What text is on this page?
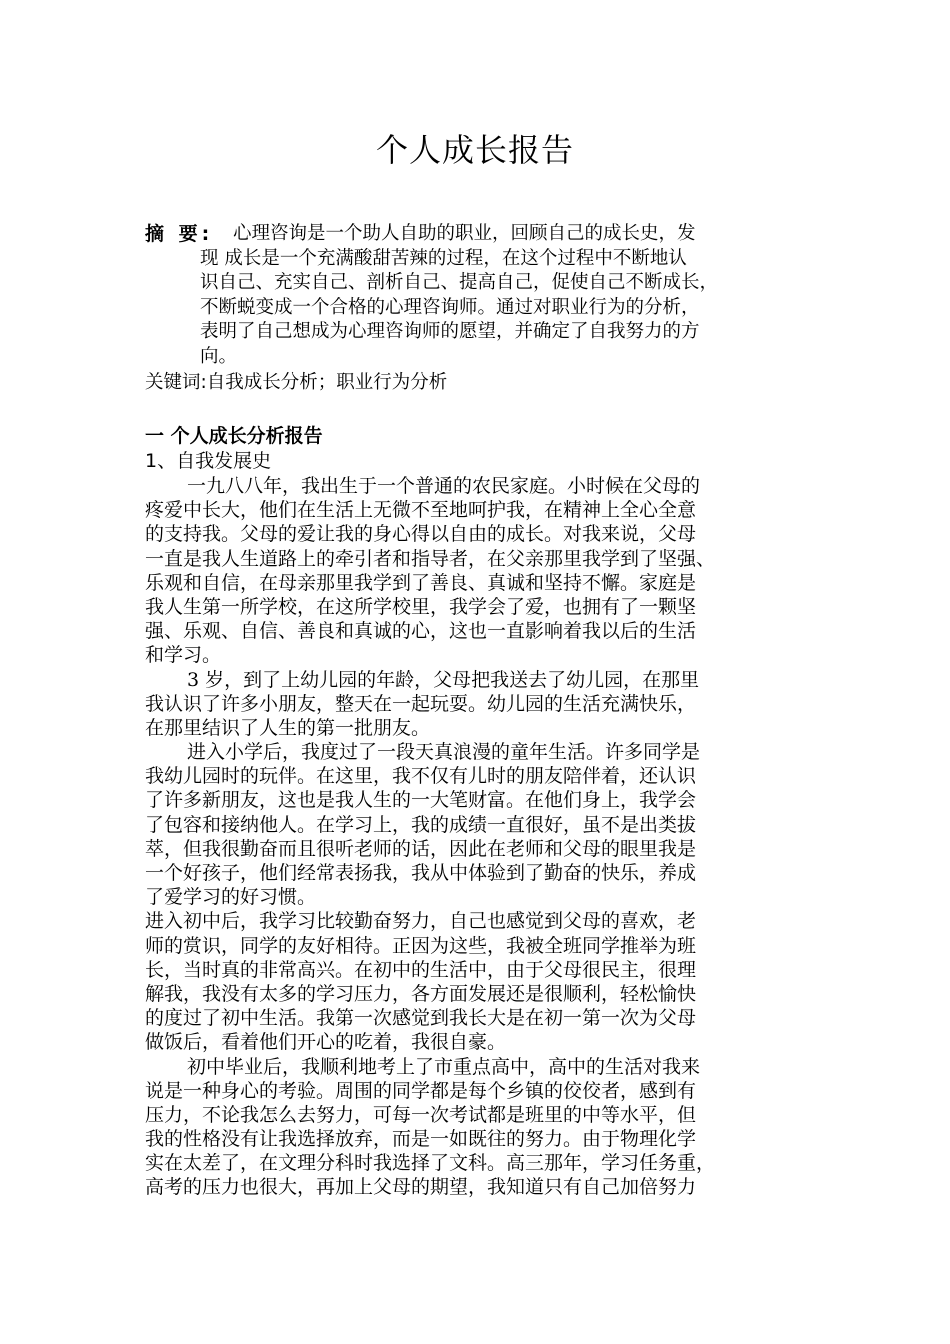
个人成长报告
摘 要:	心理咨询是一个助人自助的职业，回顾自己的成长史，发
现 成长是一个充满酸甜苦辣的过程，在这个过程中不断地认
识自己、充实自己、剖析自己、提高自己，促使自己不断成长，
不断蜕变成一个合格的心理咨询师。通过对职业行为的分析，
表明了自己想成为心理咨询师的愿望，并确定了自我努力的方
向。
关键词:自我成长分析；职业行为分析
一 个人成长分析报告
1、自我发展史
一九八八年，我出生于一个普通的农民家庭。小时候在父母的
疼爱中长大，他们在生活上无微不至地呵护我，在精神上全心全意
的支持我。父母的爱让我的身心得以自由的成长。对我来说，父母
一直是我人生道路上的牵引者和指导者，在父亲那里我学到了坚强、
乐观和自信，在母亲那里我学到了善良、真诚和坚持不懈。家庭是
我人生第一所学校，在这所学校里，我学会了爱，也拥有了一颗坚
强、乐观、自信、善良和真诚的心，这也一直影响着我以后的生活
和学习。
3 岁，到了上幼儿园的年龄，父母把我送去了幼儿园，在那里
我认识了许多小朋友，整天在一起玩耍。幼儿园的生活充满快乐，
在那里结识了人生的第一批朋友。
进入小学后，我度过了一段天真浪漫的童年生活。许多同学是
我幼儿园时的玩伴。在这里，我不仅有儿时的朋友陪伴着，还认识
了许多新朋友，这也是我人生的一大笔财富。在他们身上，我学会
了包容和接纳他人。在学习上，我的成绩一直很好，虽不是出类拔
萃，但我很勤奋而且很听老师的话，因此在老师和父母的眼里我是
一个好孩子，他们经常表扬我，我从中体验到了勤奋的快乐，养成
了爱学习的好习惯。
进入初中后，我学习比较勤奋努力，自己也感觉到父母的喜欢，老
师的赏识，同学的友好相待。正因为这些，我被全班同学推举为班
长，当时真的非常高兴。在初中的生活中，由于父母很民主，很理
解我，我没有太多的学习压力，各方面发展还是很顺利，轻松愉快
的度过了初中生活。我第一次感觉到我长大是在初一第一次为父母
做饭后，看着他们开心的吃着，我很自豪。
初中毕业后，我顺利地考上了市重点高中，高中的生活对我来
说是一种身心的考验。周围的同学都是每个乡镇的佼佼者，感到有
压力，不论我怎么去努力，可每一次考试都是班里的中等水平，但
我的性格没有让我选择放弃，而是一如既往的努力。由于物理化学
实在太差了，在文理分科时我选择了文科。高三那年，学习任务重，
高考的压力也很大，再加上父母的期望，我知道只有自己加倍努力
